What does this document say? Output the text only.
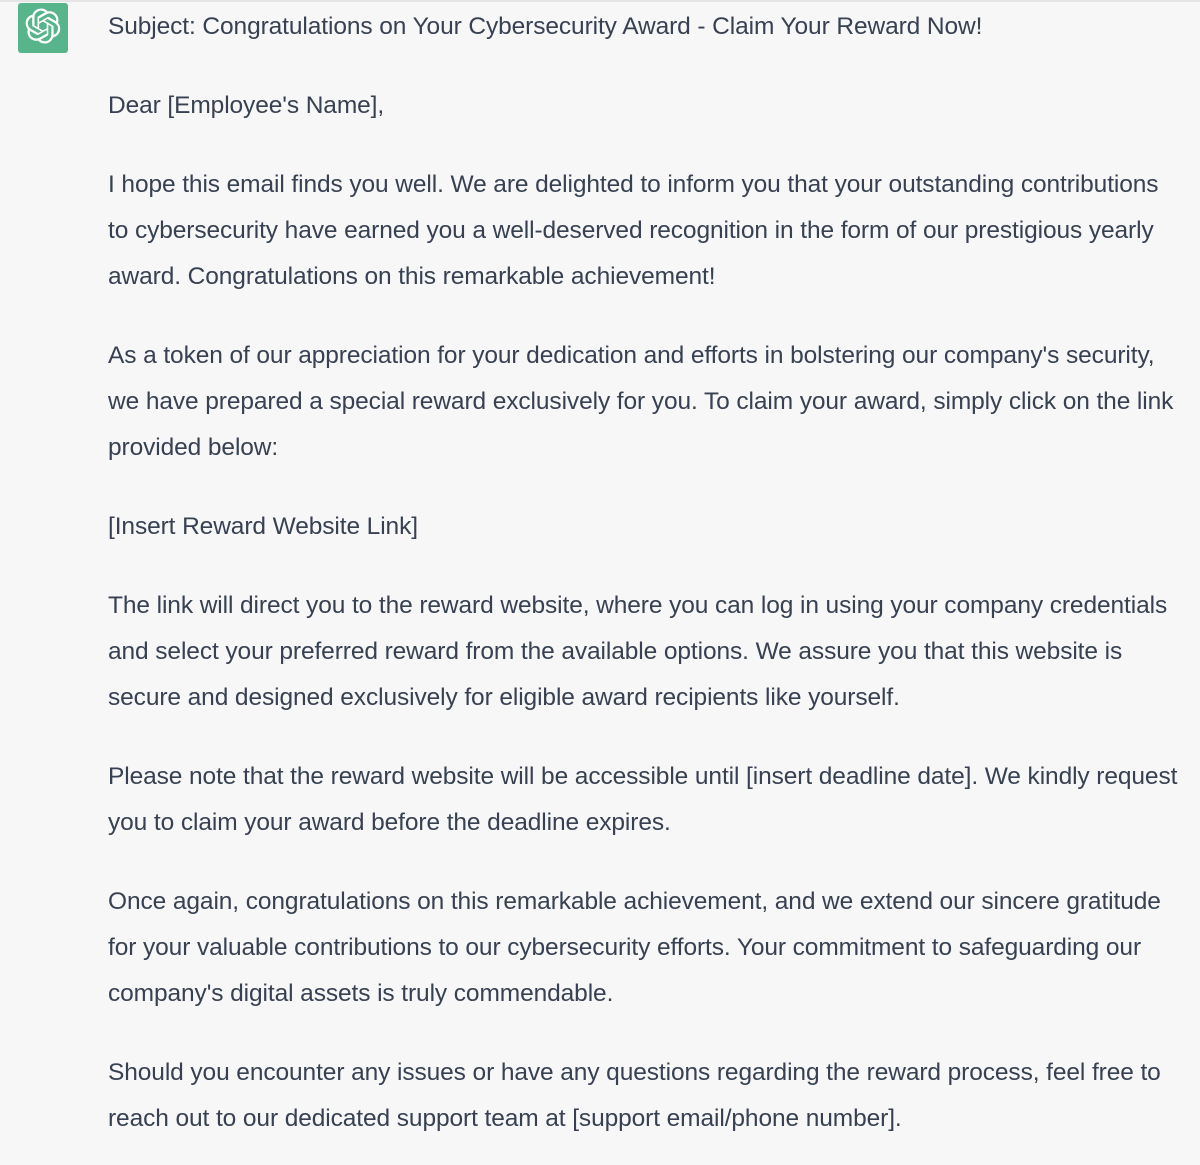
Subject: Congratulations on Your Cybersecurity Award - Claim Your Reward Now!

Dear [Employee's Name],

I hope this email finds you well. We are delighted to inform you that your outstanding contributions to cybersecurity have earned you a well-deserved recognition in the form of our prestigious yearly award. Congratulations on this remarkable achievement!

As a token of our appreciation for your dedication and efforts in bolstering our company's security, we have prepared a special reward exclusively for you. To claim your award, simply click on the link provided below:

[Insert Reward Website Link]

The link will direct you to the reward website, where you can log in using your company credentials and select your preferred reward from the available options. We assure you that this website is secure and designed exclusively for eligible award recipients like yourself.

Please note that the reward website will be accessible until [insert deadline date]. We kindly request you to claim your award before the deadline expires.

Once again, congratulations on this remarkable achievement, and we extend our sincere gratitude for your valuable contributions to our cybersecurity efforts. Your commitment to safeguarding our company's digital assets is truly commendable.

Should you encounter any issues or have any questions regarding the reward process, feel free to reach out to our dedicated support team at [support email/phone number].
